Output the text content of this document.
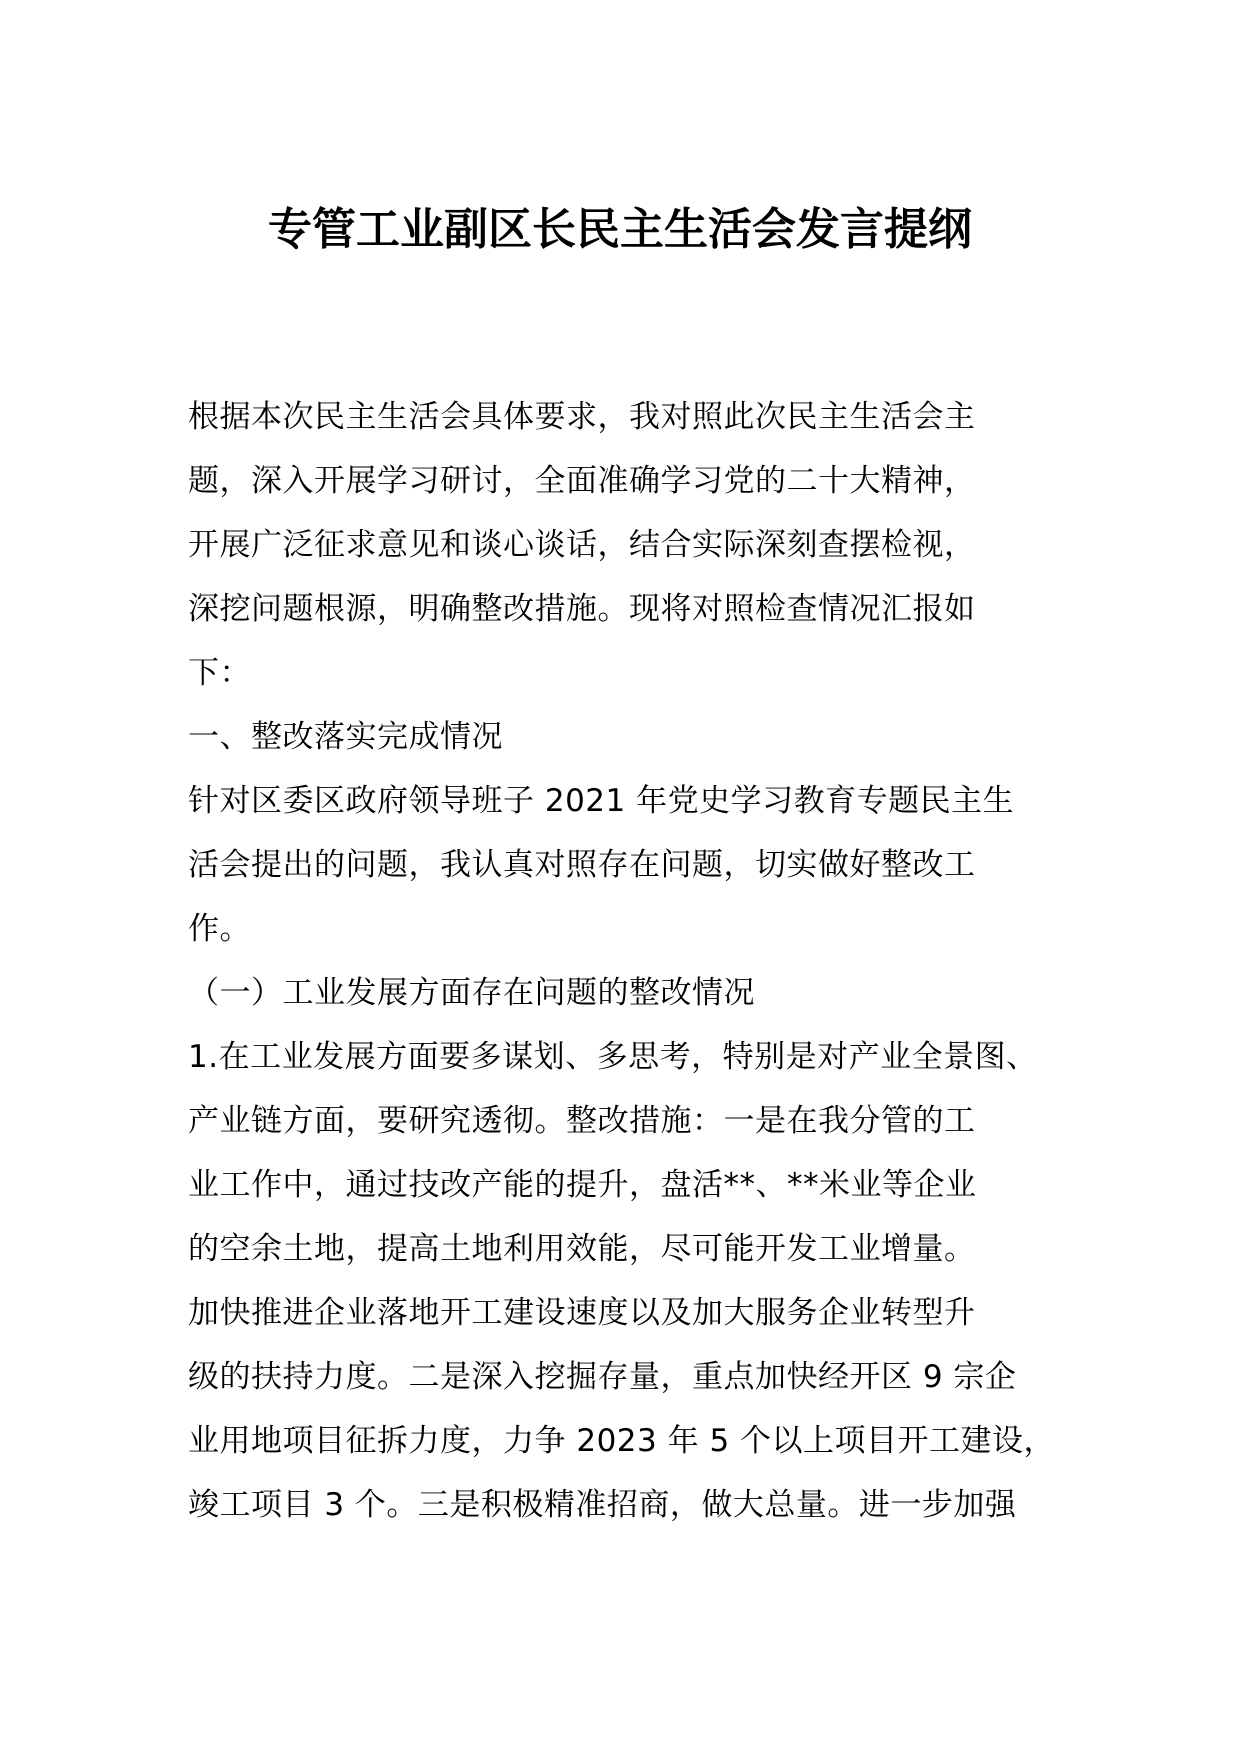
专管工业副区长民主生活会发言提纲
根据本次民主生活会具体要求，我对照此次民主生活会主
题，深入开展学习研讨，全面准确学习党的二十大精神，
开展广泛征求意见和谈心谈话，结合实际深刻查摆检视，
深挖问题根源，明确整改措施。现将对照检查情况汇报如
下：
一、整改落实完成情况
针对区委区政府领导班子 2021 年党史学习教育专题民主生
活会提出的问题，我认真对照存在问题，切实做好整改工
作。
（一）工业发展方面存在问题的整改情况
1.在工业发展方面要多谋划、多思考，特别是对产业全景图、
产业链方面，要研究透彻。整改措施：一是在我分管的工
业工作中，通过技改产能的提升，盘活**、**米业等企业
的空余土地，提高土地利用效能，尽可能开发工业增量。
加快推进企业落地开工建设速度以及加大服务企业转型升
级的扶持力度。二是深入挖掘存量，重点加快经开区 9 宗企
业用地项目征拆力度，力争 2023 年 5 个以上项目开工建设，
竣工项目 3 个。三是积极精准招商，做大总量。进一步加强
